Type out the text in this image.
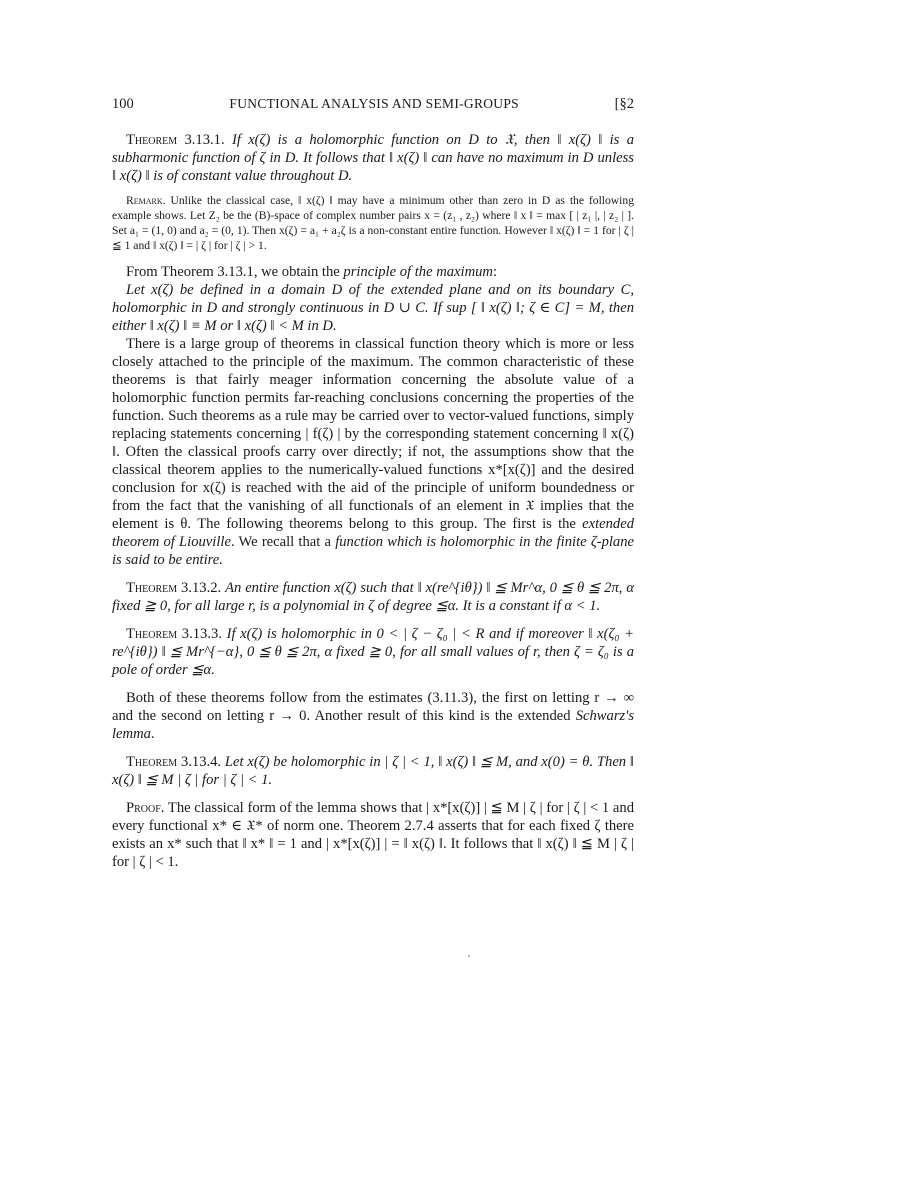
100	FUNCTIONAL ANALYSIS AND SEMI-GROUPS	[§2

Theorem 3.13.1. If x(ζ) is a holomorphic function on D to 𝔛, then ‖ x(ζ) ‖ is a subharmonic function of ζ in D. It follows that ‖ x(ζ) ‖ can have no maximum in D unless ‖ x(ζ) ‖ is of constant value throughout D.

Remark. Unlike the classical case, ‖ x(ζ) ‖ may have a minimum other than zero in D as the following example shows. Let Z₂ be the (B)-space of complex number pairs x = (z₁ , z₂) where ‖ x ‖ = max [ | z₁ |, | z₂ | ]. Set a₁ = (1, 0) and a₂ = (0, 1). Then x(ζ) = a₁ + a₂ζ is a non-constant entire function. However ‖ x(ζ) ‖ = 1 for | ζ | ≦ 1 and ‖ x(ζ) ‖ = | ζ | for | ζ | > 1.

From Theorem 3.13.1, we obtain the principle of the maximum:

Let x(ζ) be defined in a domain D of the extended plane and on its boundary C, holomorphic in D and strongly continuous in D ∪ C. If sup [ ‖ x(ζ) ‖; ζ ∈ C] = M, then either ‖ x(ζ) ‖ ≡ M or ‖ x(ζ) ‖ < M in D.

There is a large group of theorems in classical function theory which is more or less closely attached to the principle of the maximum. The common characteristic of these theorems is that fairly meager information concerning the absolute value of a holomorphic function permits far-reaching conclusions concerning the properties of the function. Such theorems as a rule may be carried over to vector-valued functions, simply replacing statements concerning | f(ζ) | by the corresponding statement concerning ‖ x(ζ) ‖. Often the classical proofs carry over directly; if not, the assumptions show that the classical theorem applies to the numerically-valued functions x*[x(ζ)] and the desired conclusion for x(ζ) is reached with the aid of the principle of uniform boundedness or from the fact that the vanishing of all functionals of an element in 𝔛 implies that the element is θ. The following theorems belong to this group. The first is the extended theorem of Liouville. We recall that a function which is holomorphic in the finite ζ-plane is said to be entire.

Theorem 3.13.2. An entire function x(ζ) such that ‖ x(re^{iθ}) ‖ ≦ Mr^α, 0 ≦ θ ≦ 2π, α fixed ≧ 0, for all large r, is a polynomial in ζ of degree ≦α. It is a constant if α < 1.

Theorem 3.13.3. If x(ζ) is holomorphic in 0 < | ζ − ζ₀ | < R and if moreover ‖ x(ζ₀ + re^{iθ}) ‖ ≦ Mr^{−α}, 0 ≦ θ ≦ 2π, α fixed ≧ 0, for all small values of r, then ζ = ζ₀ is a pole of order ≦α.

Both of these theorems follow from the estimates (3.11.3), the first on letting r → ∞ and the second on letting r → 0. Another result of this kind is the extended Schwarz's lemma.

Theorem 3.13.4. Let x(ζ) be holomorphic in | ζ | < 1, ‖ x(ζ) ‖ ≦ M, and x(0) = θ. Then ‖ x(ζ) ‖ ≦ M | ζ | for | ζ | < 1.

Proof. The classical form of the lemma shows that | x*[x(ζ)] | ≦ M | ζ | for | ζ | < 1 and every functional x* ∈ 𝔛* of norm one. Theorem 2.7.4 asserts that for each fixed ζ there exists an x* such that ‖ x* ‖ = 1 and | x*[x(ζ)] | = ‖ x(ζ) ‖. It follows that ‖ x(ζ) ‖ ≦ M | ζ | for | ζ | < 1.
